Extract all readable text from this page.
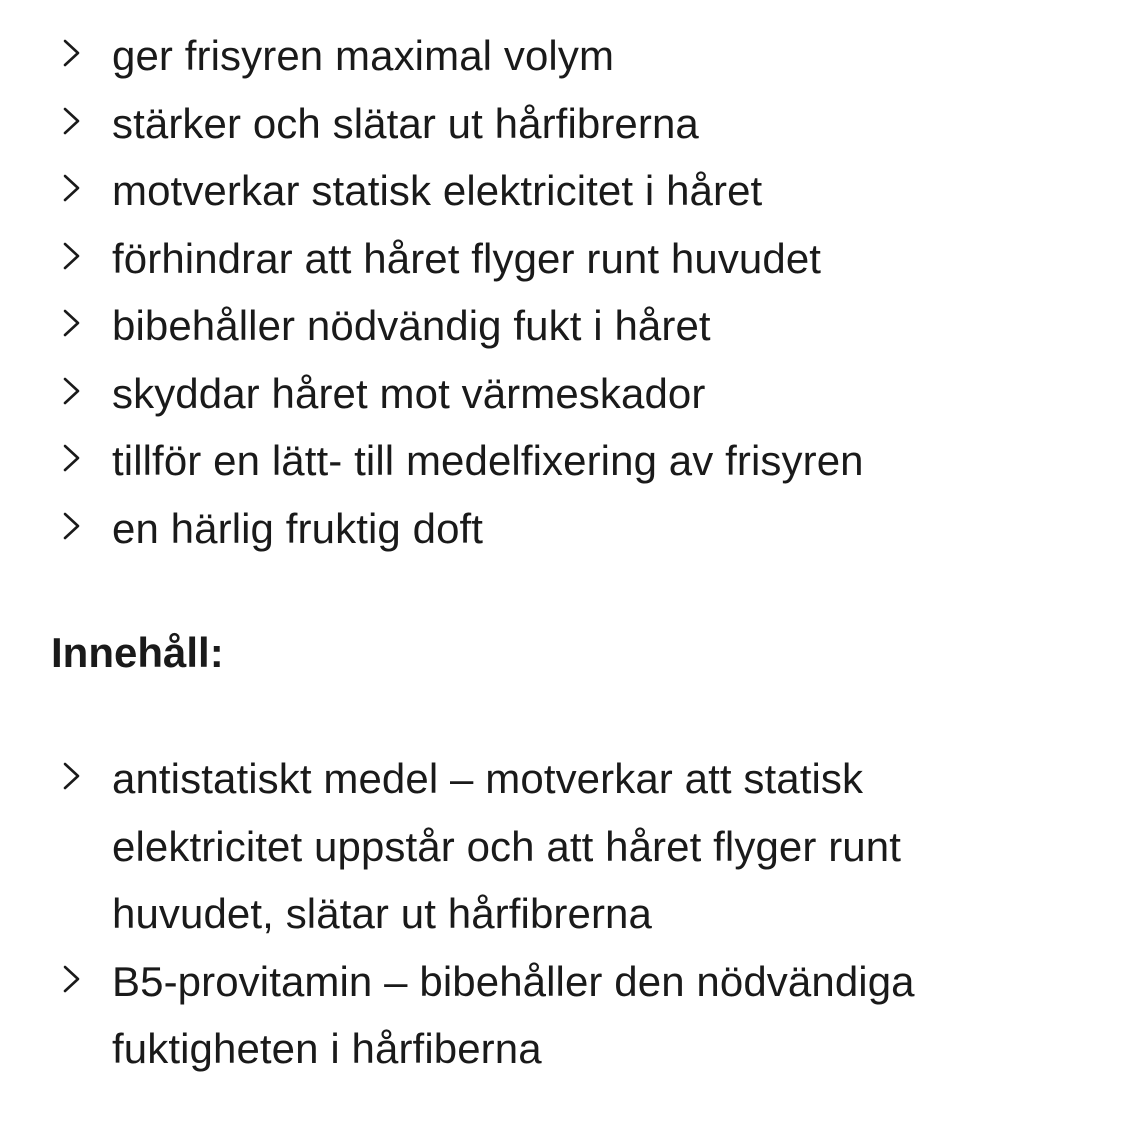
ger frisyren maximal volym
stärker och slätar ut hårfibrerna
motverkar statisk elektricitet i håret
förhindrar att håret flyger runt huvudet
bibehåller nödvändig fukt i håret
skyddar håret mot värmeskador
tillför en lätt- till medelfixering av frisyren
en härlig fruktig doft
Innehåll:
antistatiskt medel – motverkar att statisk elektricitet uppstår och att håret flyger runt huvudet, slätar ut hårfibrerna
B5-provitamin – bibehåller den nödvändiga fuktigheten i hårfiberna
